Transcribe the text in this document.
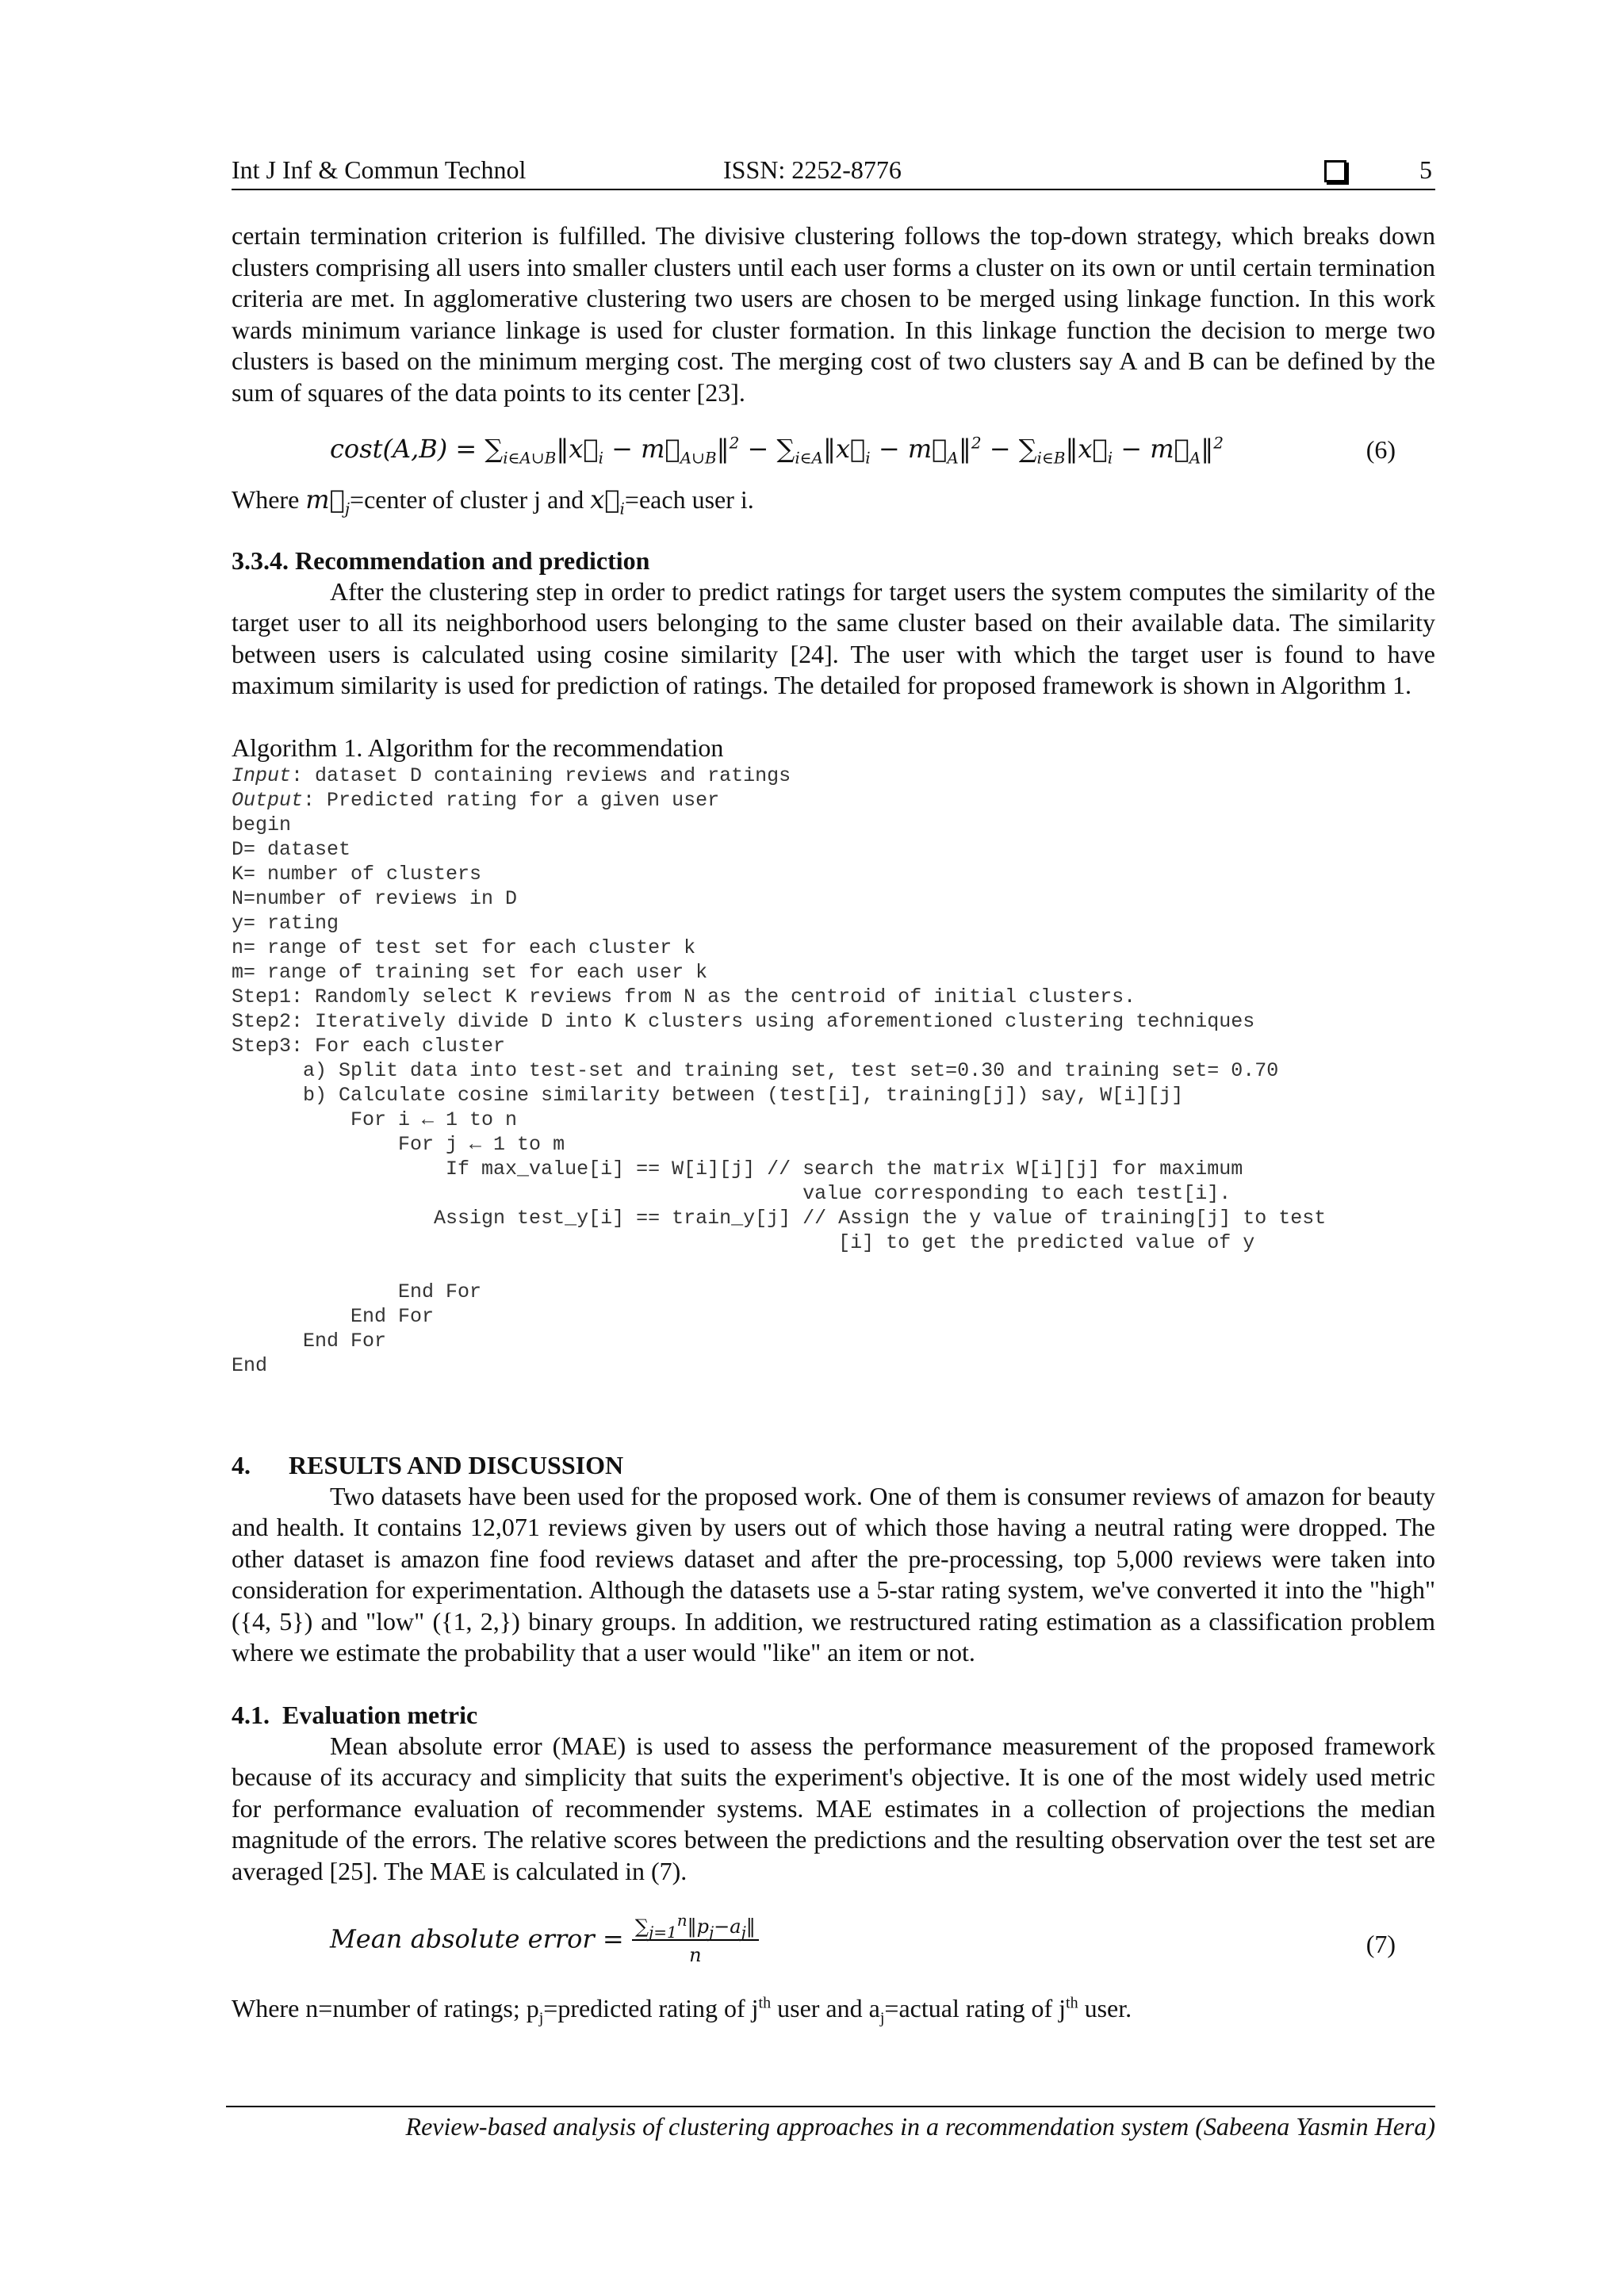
Int J Inf & Commun Technol	ISSN: 2252-8776	5

certain termination criterion is fulfilled. The divisive clustering follows the top-down strategy, which breaks down clusters comprising all users into smaller clusters until each user forms a cluster on its own or until certain termination criteria are met. In agglomerative clustering two users are chosen to be merged using linkage function. In this work wards minimum variance linkage is used for cluster formation. In this linkage function the decision to merge two clusters is based on the minimum merging cost. The merging cost of two clusters say A and B can be defined by the sum of squares of the data points to its center [23].

$\cos t(A,B) = \sum_{i\in A\cup B}‖x⃗_i$ − $m⃗_{A\cup B}‖^2$ − $\sum_{i\in A}‖x⃗_i$ − $m⃗_A‖^2$ − $\sum_{i\in B}‖x⃗_i$ − $m⃗_A‖^2$	(6)

Where $m⃗_j=center$ of cluster j and $x⃗_i=each$ user i.

3.3.4. Recommendation and prediction

After the clustering step in order to predict ratings for target users the system computes the similarity of the target user to all its neighborhood users belonging to the same cluster based on their available data. The similarity between users is calculated using cosine similarity [24]. The user with which the target user is found to have maximum similarity is used for prediction of ratings. The detailed for proposed framework is shown in Algorithm 1.

Algorithm 1. Algorithm for the recommendation

Input: dataset D containing reviews and ratings
Output: Predicted rating for a given user
begin
D= dataset
K= number of clusters
N=number of reviews in D
y= rating
n= range of test set for each cluster k
m= range of training set for each user k
Step1: Randomly select K reviews from N as the centroid of initial clusters.
Step2: Iteratively divide D into K clusters using aforementioned clustering techniques
Step3: For each cluster
a) Split data into test-set and training set, test set=0.30 and training set= 0.70
b) Calculate cosine similarity between (test[i], training[j]) say, W[i][j]
For i ← 1 to n
For j ← 1 to m
If max_value[i] == W[i][j] // search the matrix W[i][j] for maximum
value corresponding to each test[i].
Assign test_y[i] == train_y[j] // Assign the y value of training[j] to test
[i] to get the predicted value of y

End For
End For
End For
End
4.      RESULTS AND DISCUSSION

Two datasets have been used for the proposed work. One of them is consumer reviews of amazon for beauty and health. It contains 12,071 reviews given by users out of which those having a neutral rating were dropped. The other dataset is amazon fine food reviews dataset and after the pre-processing, top 5,000 reviews were taken into consideration for experimentation. Although the datasets use a 5-star rating system, we've converted it into the "high" ({4, 5}) and "low" ({1, 2,}) binary groups. In addition, we restructured rating estimation as a classification problem where we estimate the probability that a user would "like" an item or not.

4.1.  Evaluation metric

Mean absolute error (MAE) is used to assess the performance measurement of the proposed framework because of its accuracy and simplicity that suits the experiment's objective. It is one of the most widely used metric for performance evaluation of recommender systems. MAE estimates in a collection of projections the median magnitude of the errors. The relative scores between the predictions and the resulting observation over the test set are averaged [25]. The MAE is calculated in (7).

Mean absolute error = $\frac{\sum_{j=1}^n‖p_j-a_j‖}{n}$	(7)

Where n=number of ratings; $p_j=predicted$ rating of $j^{th}$ user and $a_j=actual$ rating of $j^{th}$ user.

Review-based analysis of clustering approaches in a recommendation system (Sabeena Yasmin Hera)
